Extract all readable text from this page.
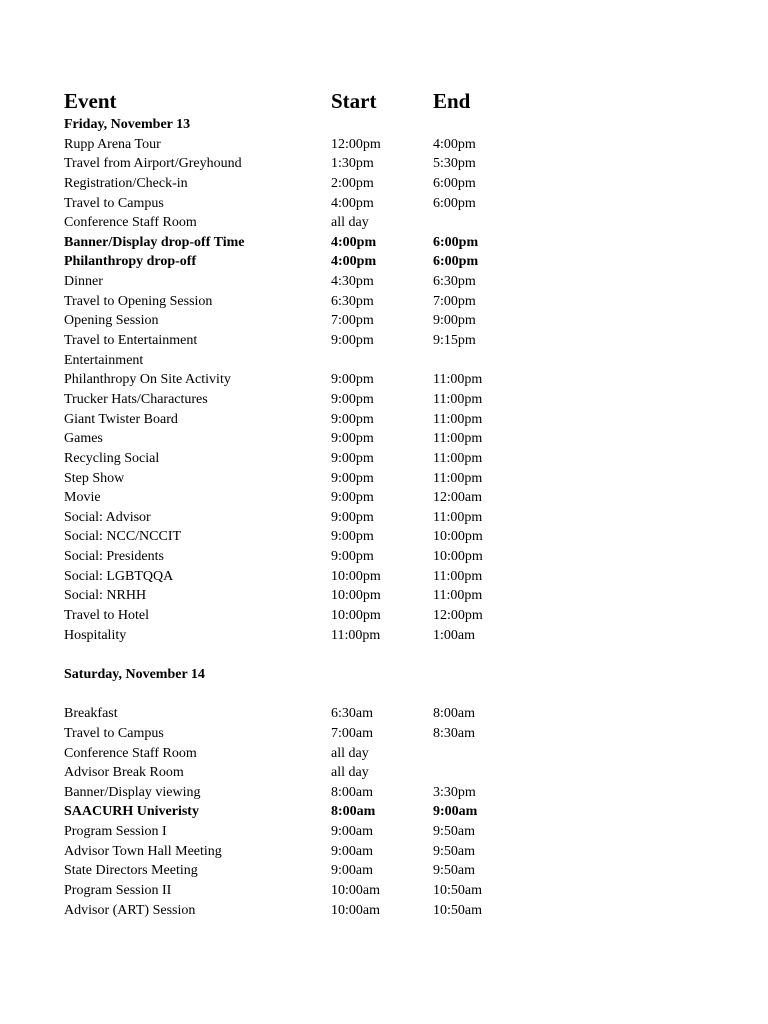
Event	Start	End
Friday, November 13
Rupp Arena Tour	12:00pm	4:00pm
Travel from Airport/Greyhound	1:30pm	5:30pm
Registration/Check-in	2:00pm	6:00pm
Travel to Campus	4:00pm	6:00pm
Conference Staff Room	all day
Banner/Display drop-off Time	4:00pm	6:00pm
Philanthropy drop-off	4:00pm	6:00pm
Dinner	4:30pm	6:30pm
Travel to Opening Session	6:30pm	7:00pm
Opening Session	7:00pm	9:00pm
Travel to Entertainment	9:00pm	9:15pm
Entertainment
Philanthropy On Site Activity	9:00pm	11:00pm
Trucker Hats/Charactures	9:00pm	11:00pm
Giant Twister Board	9:00pm	11:00pm
Games	9:00pm	11:00pm
Recycling Social	9:00pm	11:00pm
Step Show	9:00pm	11:00pm
Movie	9:00pm	12:00am
Social: Advisor	9:00pm	11:00pm
Social: NCC/NCCIT	9:00pm	10:00pm
Social: Presidents	9:00pm	10:00pm
Social: LGBTQQA	10:00pm	11:00pm
Social: NRHH	10:00pm	11:00pm
Travel to Hotel	10:00pm	12:00pm
Hospitality	11:00pm	1:00am
Saturday, November 14
Breakfast	6:30am	8:00am
Travel to Campus	7:00am	8:30am
Conference Staff Room	all day
Advisor Break Room	all day
Banner/Display viewing	8:00am	3:30pm
SAACURH Univeristy	8:00am	9:00am
Program Session I	9:00am	9:50am
Advisor Town Hall Meeting	9:00am	9:50am
State Directors Meeting	9:00am	9:50am
Program Session II	10:00am	10:50am
Advisor (ART) Session	10:00am	10:50am
